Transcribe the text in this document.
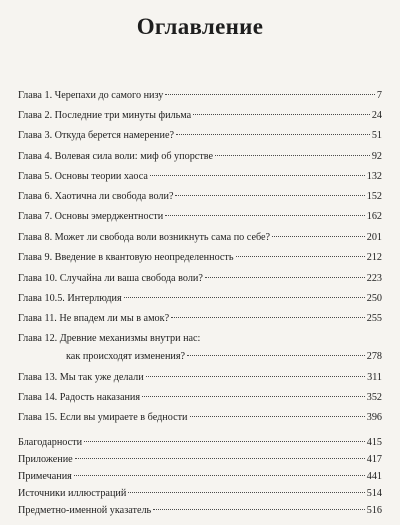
Оглавление
Глава 1. Черепахи до самого низу	7
Глава 2. Последние три минуты фильма	24
Глава 3. Откуда берется намерение?	51
Глава 4. Волевая сила воли: миф об упорстве	92
Глава 5. Основы теории хаоса	132
Глава 6. Хаотична ли свобода воли?	152
Глава 7. Основы эмерджентности	162
Глава 8. Может ли свобода воли возникнуть сама по себе?	201
Глава 9. Введение в квантовую неопределенность	212
Глава 10. Случайна ли ваша свобода воли?	223
Глава 10.5. Интерлюдия	250
Глава 11. Не впадем ли мы в амок?	255
Глава 12. Древние механизмы внутри нас:
как происходят изменения?	278
Глава 13. Мы так уже делали	311
Глава 14. Радость наказания	352
Глава 15. Если вы умираете в бедности	396
Благодарности	415
Приложение	417
Примечания	441
Источники иллюстраций	514
Предметно-именной указатель	516
